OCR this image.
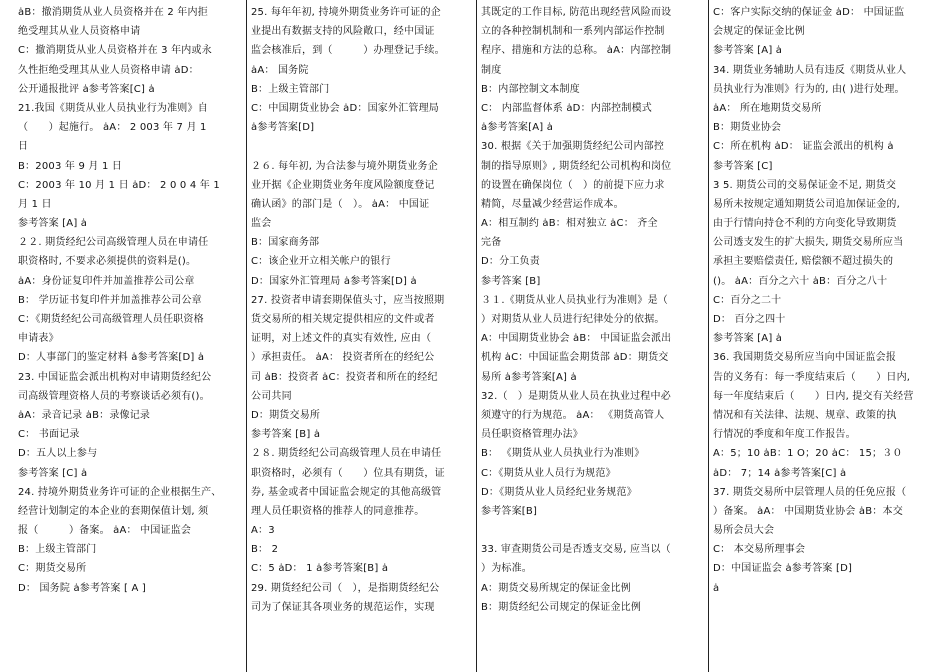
ȧB：撤消期货从业人员资格并在 2 年内拒
绝受理其从业人员资格申请
C：撤消期货从业人员资格并在 3 年内或永
久性拒绝受理其从业人员资格申请 ȧD：
公开通报批评 ȧ参考答案[C] ȧ
21.我国《期货从业人员执业行为准则》自
（　　）起施行。 ȧA： 2 003 年 7 月 1
日
B：2003 年 9 月 1 日
C：2003 年 10 月 1 日 ȧD： 2 0 0 4 年 1
月 1 日
参考答案 [A] ȧ
２２. 期货经纪公司高级管理人员在申请任
职资格时, 不要求必须提供的资料是()。
ȧA：身份证复印件并加盖推荐公司公章
B： 学历证书复印件并加盖推荐公司公章
C：《期货经纪公司高级管理人员任职资格
申请表》
D：人事部门的鉴定材料 ȧ参考答案[D] ȧ
23. 中国证监会派出机构对申请期货经纪公
司高级管理资格人员的考察谈话必须有()。
ȧA：录音记录 ȧB：录像记录
C： 书面记录
D：五人以上参与
参考答案 [C] ȧ
24. 持境外期货业务许可证的企业根据生产、
经营计划制定的本企业的套期保值计划, 须
报（　　　）备案。 ȧA： 中国证监会
B：上级主管部门
C：期货交易所
D： 国务院 ȧ参考答案 [ A ]
25. 每年年初, 持境外期货业务许可证的企
业提出有数据支持的风险敞口，经中国证
监会核准后，到（　　　）办理登记手续。
ȧA： 国务院
B：上级主管部门
C：中国期货业协会 ȧD：国家外汇管理局
ȧ参考答案[D]
２６. 每年初, 为合法参与境外期货业务企
业开据《企业期货业务年度风险额度登记
确认函》的部门是（　）。 ȧA： 中国证
监会
B：国家商务部
C：该企业开立相关帐户的银行
D：国家外汇管理局 ȧ参考答案[D] ȧ
27. 投资者申请套期保值头寸，应当按照期
货交易所的相关规定提供相应的文件或者
证明，对上述文件的真实有效性, 应由（
）承担责任。 ȧA： 投资者所在的经纪公
司 ȧB：投资者 ȧC：投资者和所在的经纪
公司共同
D：期货交易所
参考答案 [B] ȧ
２８. 期货经纪公司高级管理人员在申请任
职资格时，必须有（　　）位具有期货，证
券, 基金或者中国证监会规定的其他高级管
理人员任职资格的推荐人的同意推荐。
A：3
B： 2
C：5 ȧD： 1 ȧ参考答案[B] ȧ
29. 期货经纪公司（　），是指期货经纪公
司为了保证其各项业务的规范运作，实现
其既定的工作目标, 防范出现经营风险而设
立的各种控制机制和一系列内部运作控制
程序、措施和方法的总称。 ȧA：内部控制
制度
B：内部控制文本制度
C： 内部监督体系 ȧD：内部控制模式
ȧ参考答案[A] ȧ
30. 根据《关于加强期货经纪公司内部控
制的指导原则》, 期货经纪公司机构和岗位
的设置在确保岗位（　）的前提下应力求
精简，尽量减少经营运作成本。
A：相互制约 ȧB：相对独立 ȧC： 齐全
完备
D：分工负责
参考答案 [B]
３１.《期货从业人员执业行为准则》是（
）对期货从业人员进行纪律处分的依据。
A：中国期货业协会 ȧB： 中国证监会派出
机构 ȧC：中国证监会期货部 ȧD：期货交
易所 ȧ参考答案[A] ȧ
32.（　）是期货从业人员在执业过程中必
须遵守的行为规范。 ȧA： 《期货高管人
员任职资格管理办法》
B： 《期货从业人员执业行为准则》
C：《期货从业人员行为规范》
D：《期货从业人员经纪业务规范》
参考答案[B]
33. 审查期货公司是否透支交易, 应当以（
）为标准。
A：期货交易所规定的保证金比例
B：期货经纪公司规定的保证金比例
C：客户实际交纳的保证金 ȧD： 中国证监
会规定的保证金比例
参考答案 [A] ȧ
34. 期货业务辅助人员有违反《期货从业人
员执业行为准则》行为的, 由( )进行处理。
ȧA： 所在地期货交易所
B：期货业协会
C：所在机构 ȧD： 证监会派出的机构 ȧ
参考答案 [C]
3 5. 期货公司的交易保证金不足, 期货交
易所未按规定通知期货公司追加保证金的,
由于行情向持仓不利的方向变化导致期货
公司透支发生的扩大损失, 期货交易所应当
承担主要赔偿责任, 赔偿额不超过损失的
()。 ȧA：百分之六十 ȧB：百分之八十
C：百分之二十
D： 百分之四十
参考答案 [A] ȧ
36. 我国期货交易所应当向中国证监会报
告的义务有：每一季度结束后（　　）日内,
每一年度结束后（　　）日内, 提交有关经营
情况和有关法律、法规、规章、政策的执
行情况的季度和年度工作报告。
A：5；10 ȧB：1 O；20 ȧC： 15；３０
ȧD： 7；14 ȧ参考答案[C] ȧ
37. 期货交易所中层管理人员的任免应报（
）备案。 ȧA： 中国期货业协会 ȧB：本交
易所会员大会
C： 本交易所理事会
D：中国证监会 ȧ参考答案 [D]
ȧ
